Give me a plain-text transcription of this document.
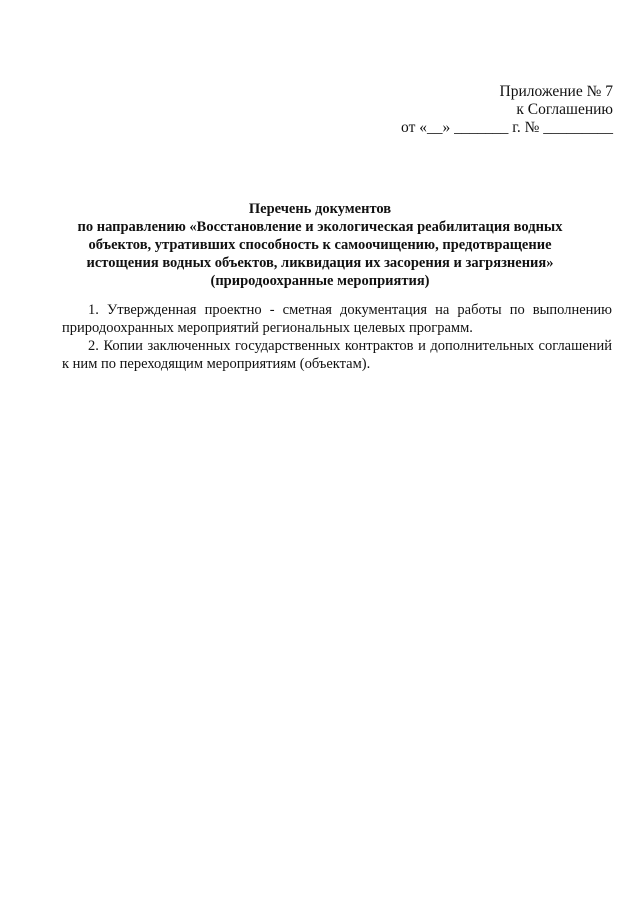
Приложение № 7
к Соглашению
от «__» _______ г. № _________
Перечень документов
по направлению «Восстановление и экологическая реабилитация водных
объектов, утративших способность к самоочищению, предотвращение
истощения водных объектов, ликвидация их засорения и загрязнения»
(природоохранные мероприятия)

1. Утвержденная проектно - сметная документация на работы по выполнению природоохранных мероприятий региональных целевых программ.

2. Копии заключенных государственных контрактов и дополнительных соглашений к ним по переходящим мероприятиям (объектам).
